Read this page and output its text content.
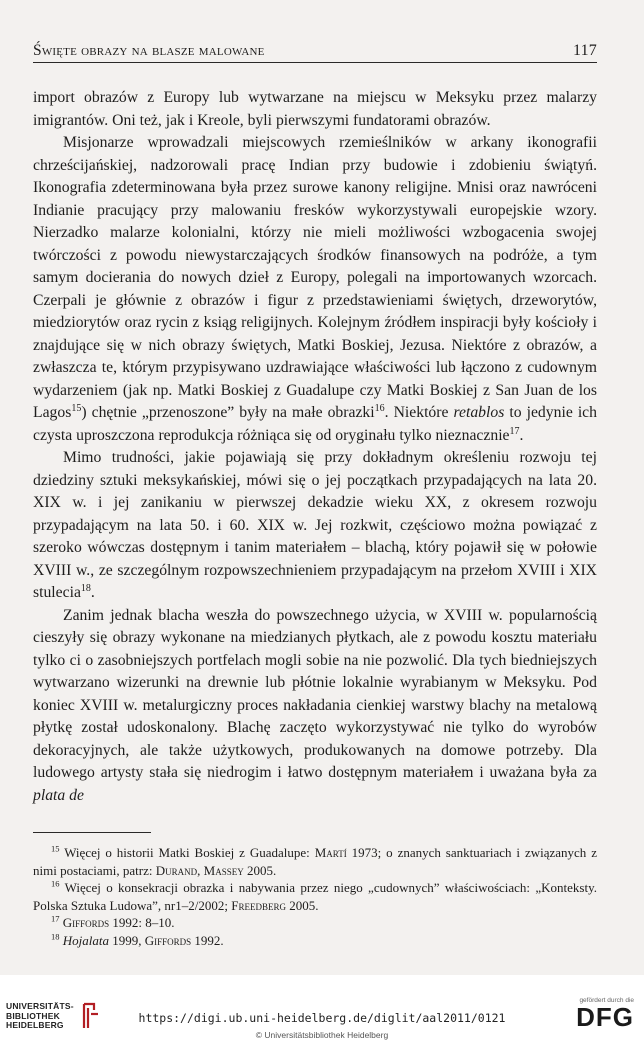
Święte obrazy na blasze malowane	117

import obrazów z Europy lub wytwarzane na miejscu w Meksyku przez malarzy imigrantów. Oni też, jak i Kreole, byli pierwszymi fundatorami obrazów.

Misjonarze wprowadzali miejscowych rzemieślników w arkany ikonografii chrześcijańskiej, nadzorowali pracę Indian przy budowie i zdobieniu świątyń. Ikonografia zdeterminowana była przez surowe kanony religijne. Mnisi oraz nawróceni Indianie pracujący przy malowaniu fresków wykorzystywali europejskie wzory. Nierzadko malarze kolonialni, którzy nie mieli możliwości wzbogacenia swojej twórczości z powodu niewystarczających środków finansowych na podróże, a tym samym docierania do nowych dzieł z Europy, polegali na importowanych wzorcach. Czerpali je głównie z obrazów i figur z przedstawieniami świętych, drzeworytów, miedziorytów oraz rycin z ksiąg religijnych. Kolejnym źródłem inspiracji były kościoły i znajdujące się w nich obrazy świętych, Matki Boskiej, Jezusa. Niektóre z obrazów, a zwłaszcza te, którym przypisywano uzdrawiające właściwości lub łączono z cudownym wydarzeniem (jak np. Matki Boskiej z Guadalupe czy Matki Boskiej z San Juan de los Lagos$^{15}$) chętnie „przenoszone” były na małe obrazki$^{16}$. Niektóre retablos to jedynie ich czysta uproszczona reprodukcja różniąca się od oryginału tylko nieznacznie$^{17}$.

Mimo trudności, jakie pojawiają się przy dokładnym określeniu rozwoju tej dziedziny sztuki meksykańskiej, mówi się o jej początkach przypadających na lata 20. XIX w. i jej zanikaniu w pierwszej dekadzie wieku XX, z okresem rozwoju przypadającym na lata 50. i 60. XIX w. Jej rozkwit, częściowo można powiązać z szeroko wówczas dostępnym i tanim materiałem – blachą, który pojawił się w połowie XVIII w., ze szczególnym rozpowszechnieniem przypadającym na przełom XVIII i XIX stulecia$^{18}$.

Zanim jednak blacha weszła do powszechnego użycia, w XVIII w. popularnością cieszyły się obrazy wykonane na miedzianych płytkach, ale z powodu kosztu materiału tylko ci o zasobniejszych portfelach mogli sobie na nie pozwolić. Dla tych biedniejszych wytwarzano wizerunki na drewnie lub płótnie lokalnie wyrabianym w Meksyku. Pod koniec XVIII w. metalurgiczny proces nakładania cienkiej warstwy blachy na metalową płytkę został udoskonalony. Blachę zaczęto wykorzystywać nie tylko do wyrobów dekoracyjnych, ale także użytkowych, produkowanych na domowe potrzeby. Dla ludowego artysty stała się niedrogim i łatwo dostępnym materiałem i uważana była za plata de

$^{15}$ Więcej o historii Matki Boskiej z Guadalupe: Martí 1973; o znanych sanktuariach i związanych z nimi postaciami, patrz: Durand, Massey 2005.

$^{16}$ Więcej o konsekracji obrazka i nabywania przez niego „cudownych” właściwościach: „Konteksty. Polska Sztuka Ludowa”, nr1–2/2002; Freedberg 2005.

$^{17}$ Giffords 1992: 8–10.

$^{18}$ Hojalata 1999, Giffords 1992.

UNIVERSITÄTS-
BIBLIOTHEK
HEIDELBERG	https://digi.ub.uni-heidelberg.de/diglit/aal2011/0121
© Universitätsbibliothek Heidelberg
gefördert durch die
DFG
